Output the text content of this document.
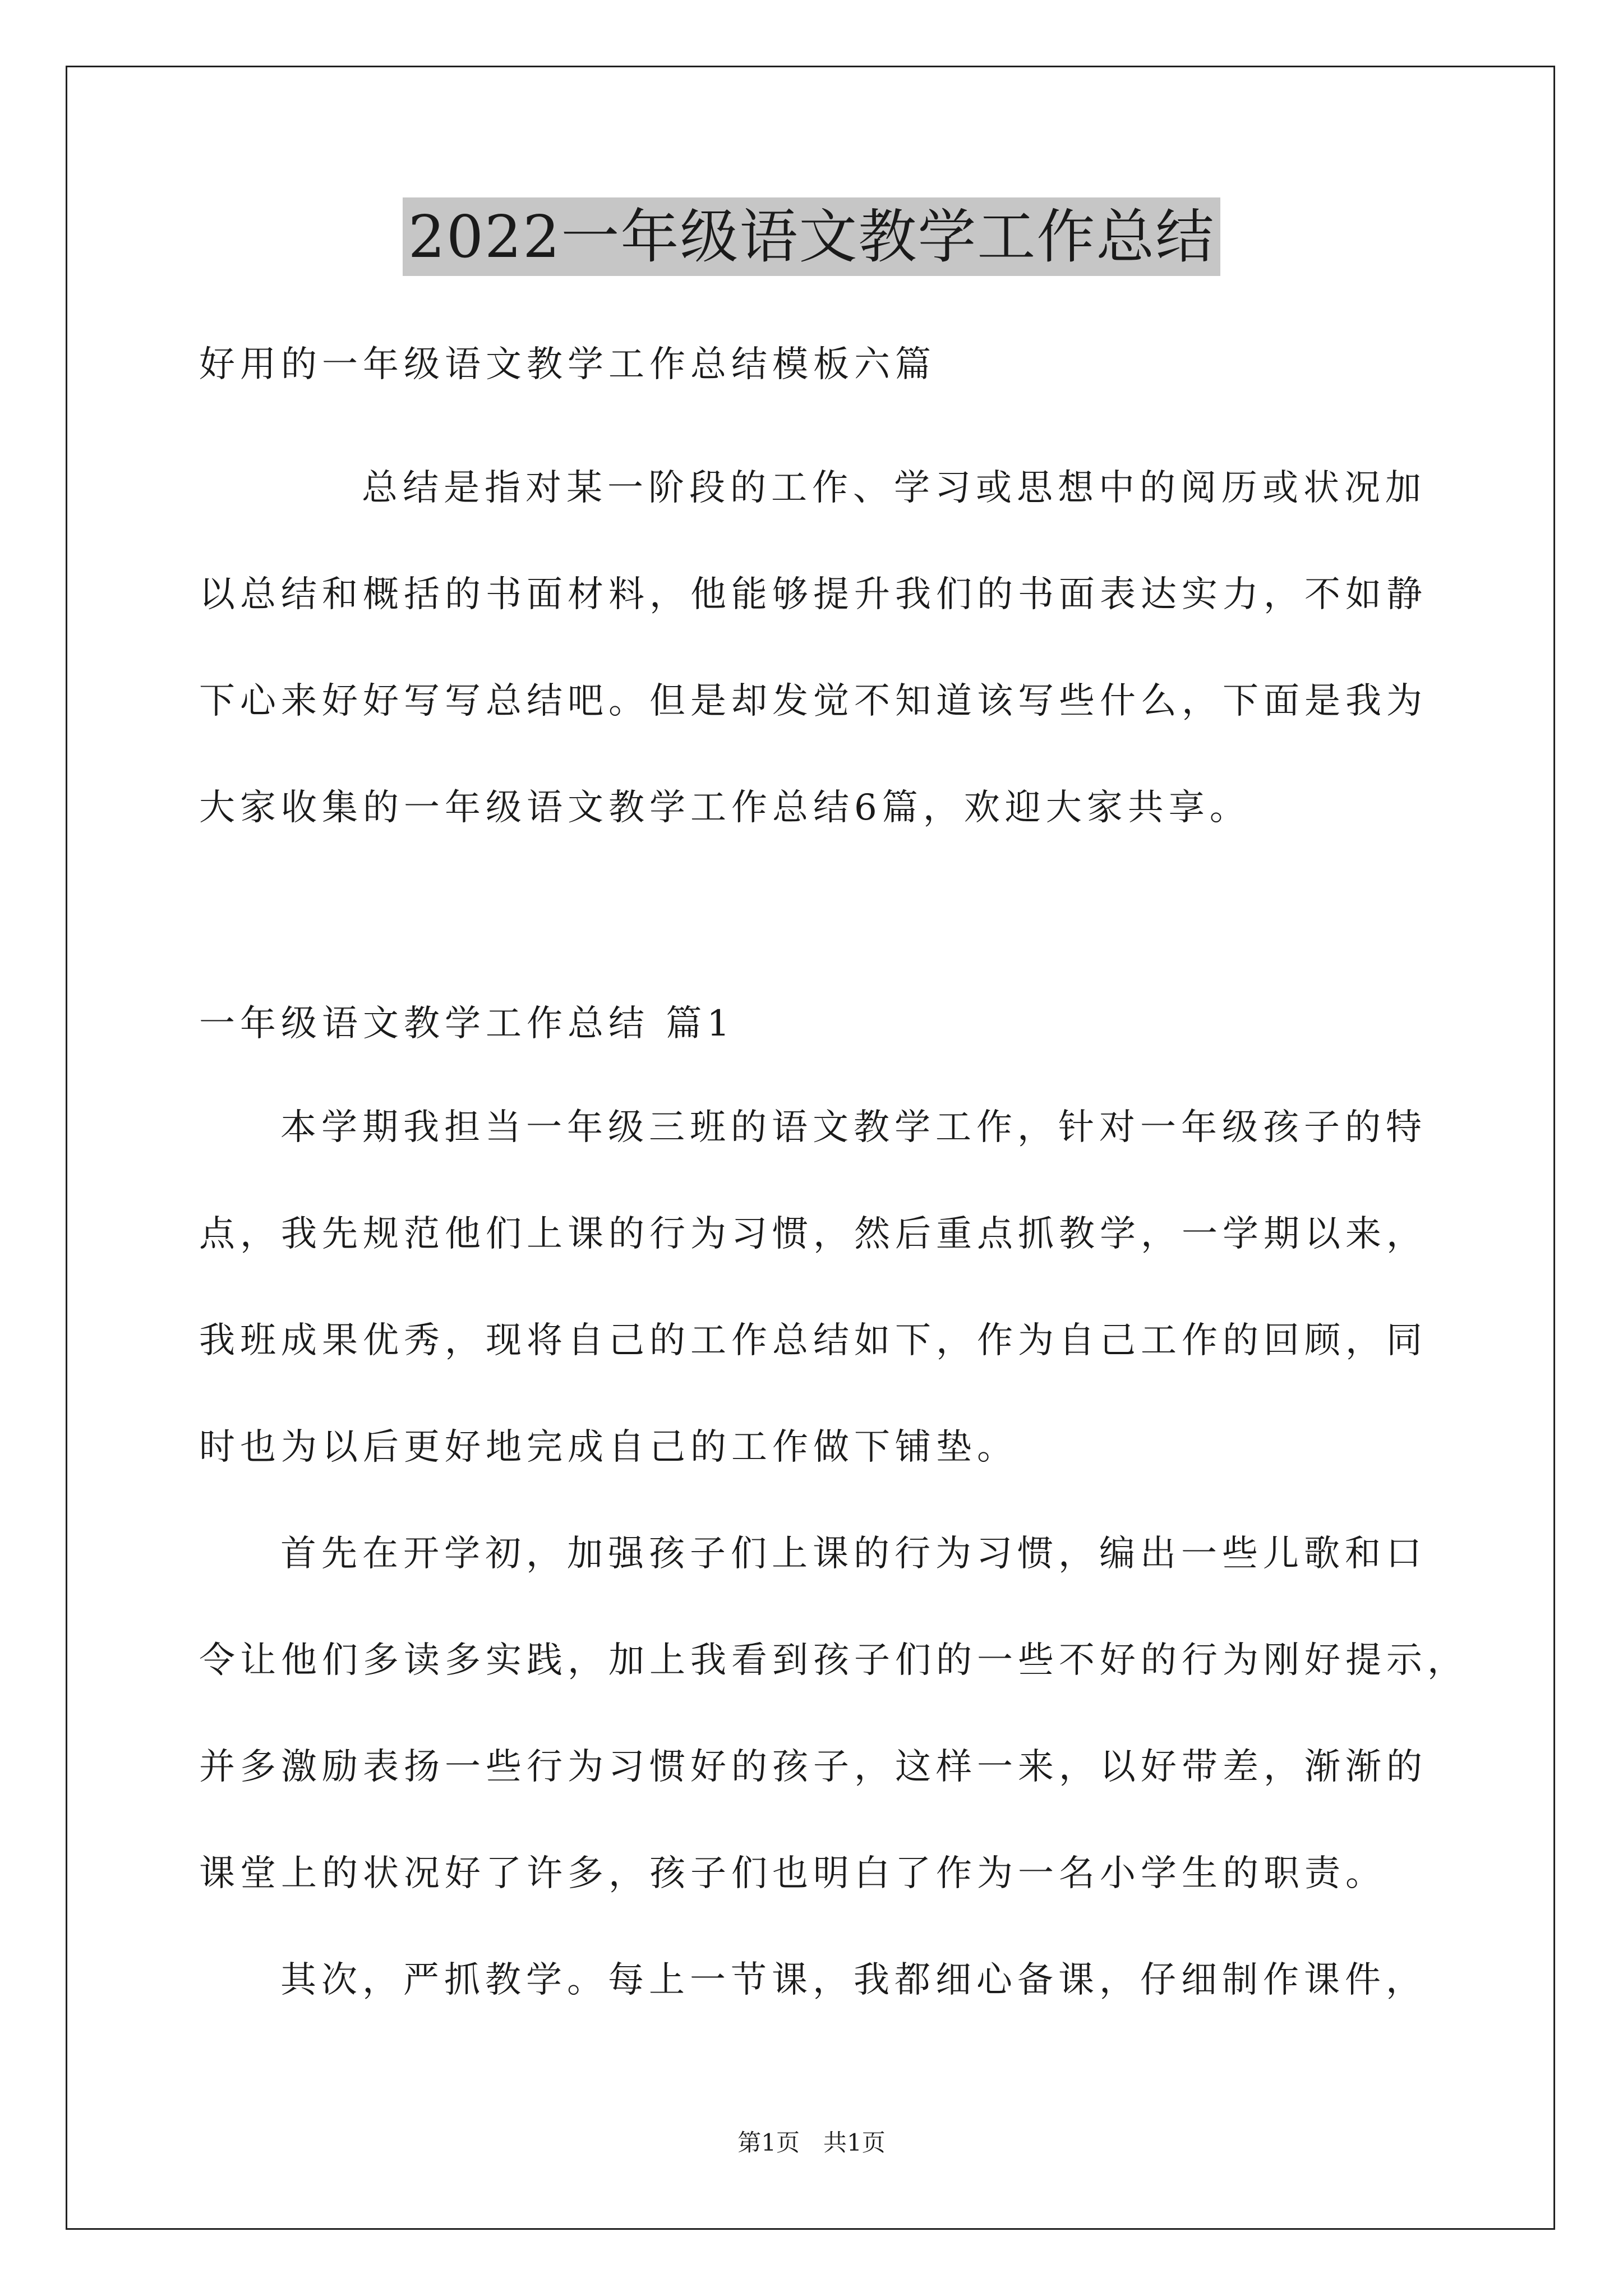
2022一年级语文教学工作总结
好用的一年级语文教学工作总结模板六篇
总结是指对某一阶段的工作、学习或思想中的阅历或状况加
以总结和概括的书面材料，他能够提升我们的书面表达实力，不如静
下心来好好写写总结吧。但是却发觉不知道该写些什么，下面是我为
大家收集的一年级语文教学工作总结6篇，欢迎大家共享。
一年级语文教学工作总结 篇1
本学期我担当一年级三班的语文教学工作，针对一年级孩子的特
点，我先规范他们上课的行为习惯，然后重点抓教学，一学期以来，
我班成果优秀，现将自己的工作总结如下，作为自己工作的回顾，同
时也为以后更好地完成自己的工作做下铺垫。
首先在开学初，加强孩子们上课的行为习惯，编出一些儿歌和口
令让他们多读多实践，加上我看到孩子们的一些不好的行为刚好提示，
并多激励表扬一些行为习惯好的孩子，这样一来，以好带差，渐渐的
课堂上的状况好了许多，孩子们也明白了作为一名小学生的职责。
其次，严抓教学。每上一节课，我都细心备课，仔细制作课件，
第1页　共1页
